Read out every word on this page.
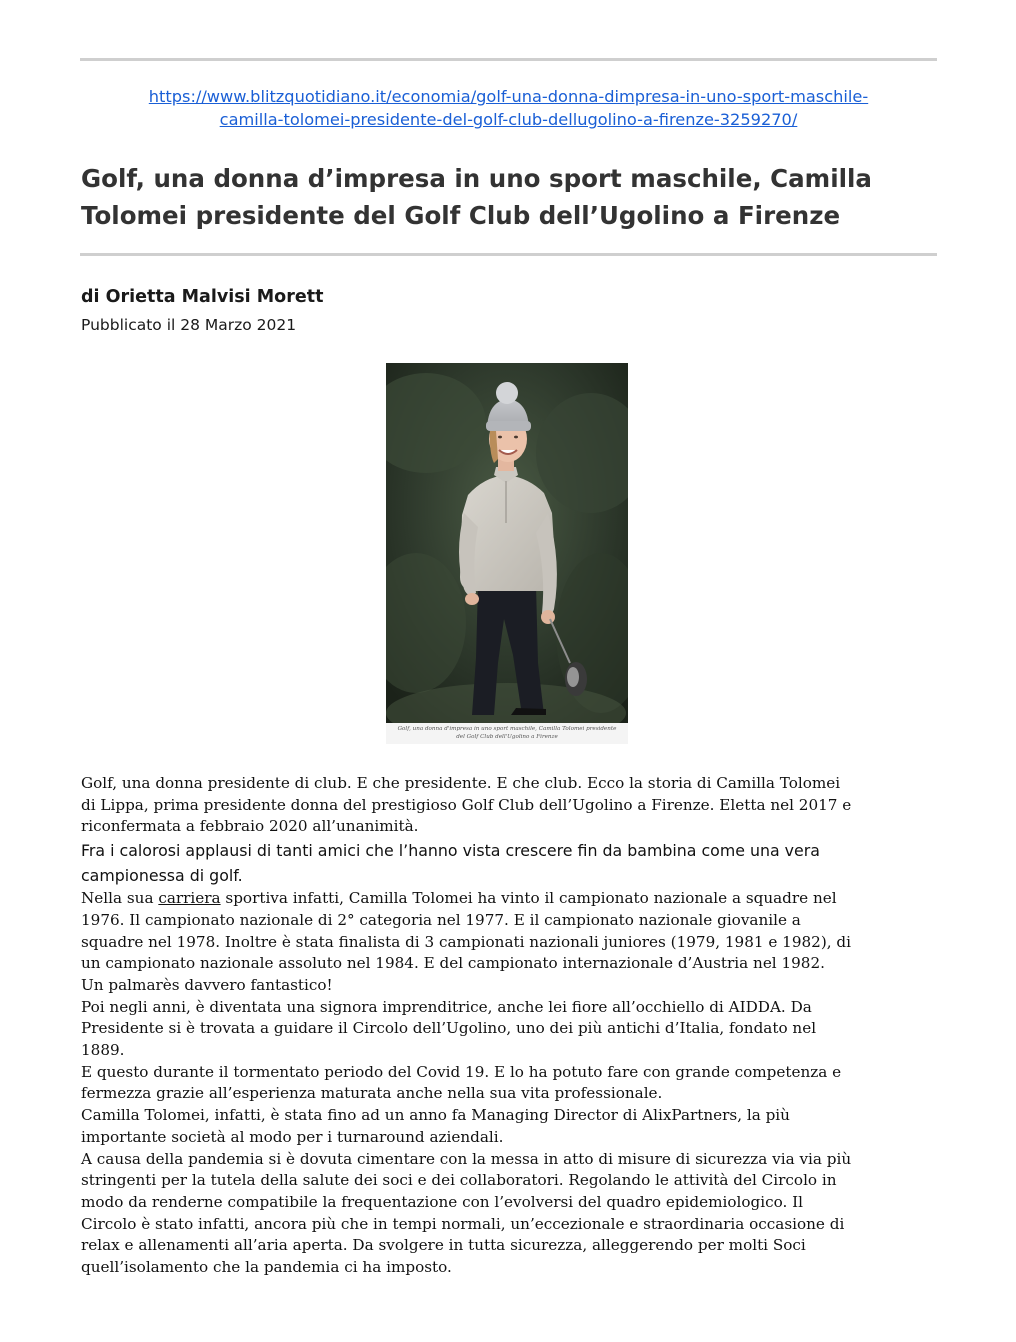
https://www.blitzquotidiano.it/economia/golf-una-donna-dimpresa-in-uno-sport-maschile-
camilla-tolomei-presidente-del-golf-club-dellugolino-a-firenze-3259270/
Golf, una donna d’impresa in uno sport maschile, Camilla
Tolomei presidente del Golf Club dell’Ugolino a Firenze
di Orietta Malvisi Morett
Pubblicato il 28 Marzo 2021
Golf, una donna d'impresa in uno sport maschile, Camilla Tolomei presidente
del Golf Club dell'Ugolino a Firenze
Golf, una donna presidente di club. E che presidente. E che club. Ecco la storia di Camilla Tolomei
di Lippa, prima presidente donna del prestigioso Golf Club dell’Ugolino a Firenze. Eletta nel 2017 e
riconfermata a febbraio 2020 all’unanimità.
Fra i calorosi applausi di tanti amici che l’hanno vista crescere fin da bambina come una vera
campionessa di golf.
Nella sua carriera sportiva infatti, Camilla Tolomei ha vinto il campionato nazionale a squadre nel
1976. Il campionato nazionale di 2° categoria nel 1977. E il campionato nazionale giovanile a
squadre nel 1978. Inoltre è stata finalista di 3 campionati nazionali juniores (1979, 1981 e 1982), di
un campionato nazionale assoluto nel 1984. E del campionato internazionale d’Austria nel 1982.
Un palmarès davvero fantastico!
Poi negli anni, è diventata una signora imprenditrice, anche lei fiore all’occhiello di AIDDA. Da
Presidente si è trovata a guidare il Circolo dell’Ugolino, uno dei più antichi d’Italia, fondato nel
1889.
E questo durante il tormentato periodo del Covid 19. E lo ha potuto fare con grande competenza e
fermezza grazie all’esperienza maturata anche nella sua vita professionale.
Camilla Tolomei, infatti, è stata fino ad un anno fa Managing Director di AlixPartners, la più
importante società al modo per i turnaround aziendali.
A causa della pandemia si è dovuta cimentare con la messa in atto di misure di sicurezza via via più
stringenti per la tutela della salute dei soci e dei collaboratori. Regolando le attività del Circolo in
modo da renderne compatibile la frequentazione con l’evolversi del quadro epidemiologico. Il
Circolo è stato infatti, ancora più che in tempi normali, un’eccezionale e straordinaria occasione di
relax e allenamenti all’aria aperta. Da svolgere in tutta sicurezza, alleggerendo per molti Soci
quell’isolamento che la pandemia ci ha imposto.
